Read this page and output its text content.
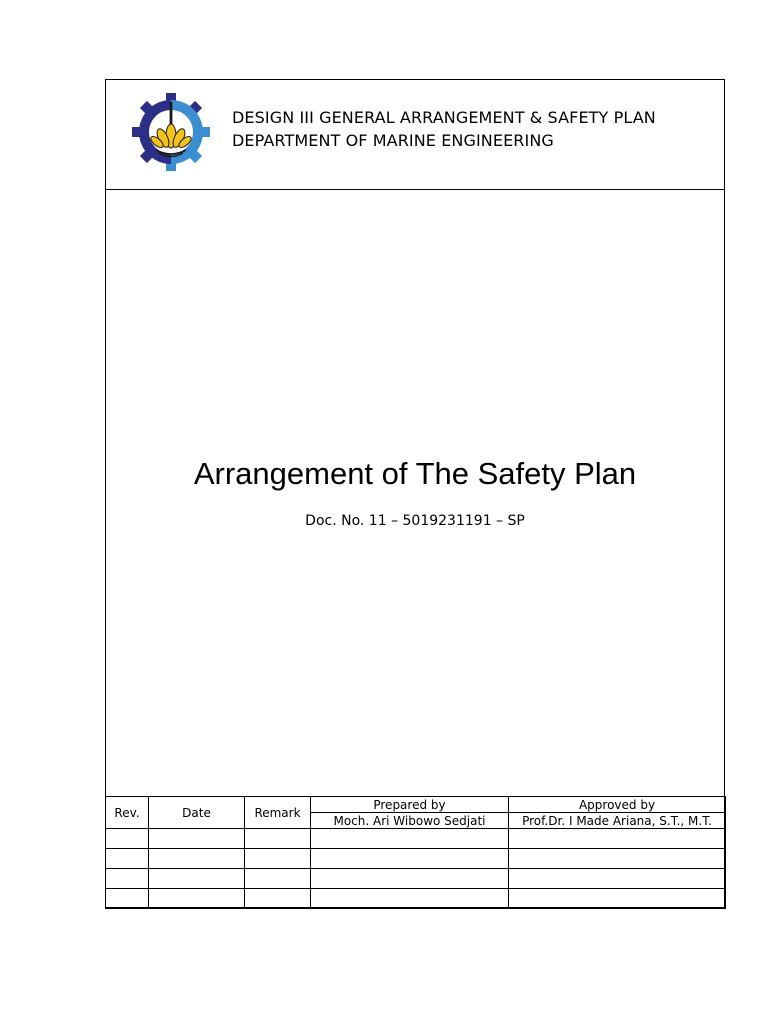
DESIGN III GENERAL ARRANGEMENT & SAFETY PLAN
DEPARTMENT OF MARINE ENGINEERING
Arrangement of The Safety Plan
Doc. No. 11 – 5019231191 – SP
Rev.	Date	Remark	Prepared by	Approved by
			Moch. Ari Wibowo Sedjati	Prof.Dr. I Made Ariana, S.T., M.T.
